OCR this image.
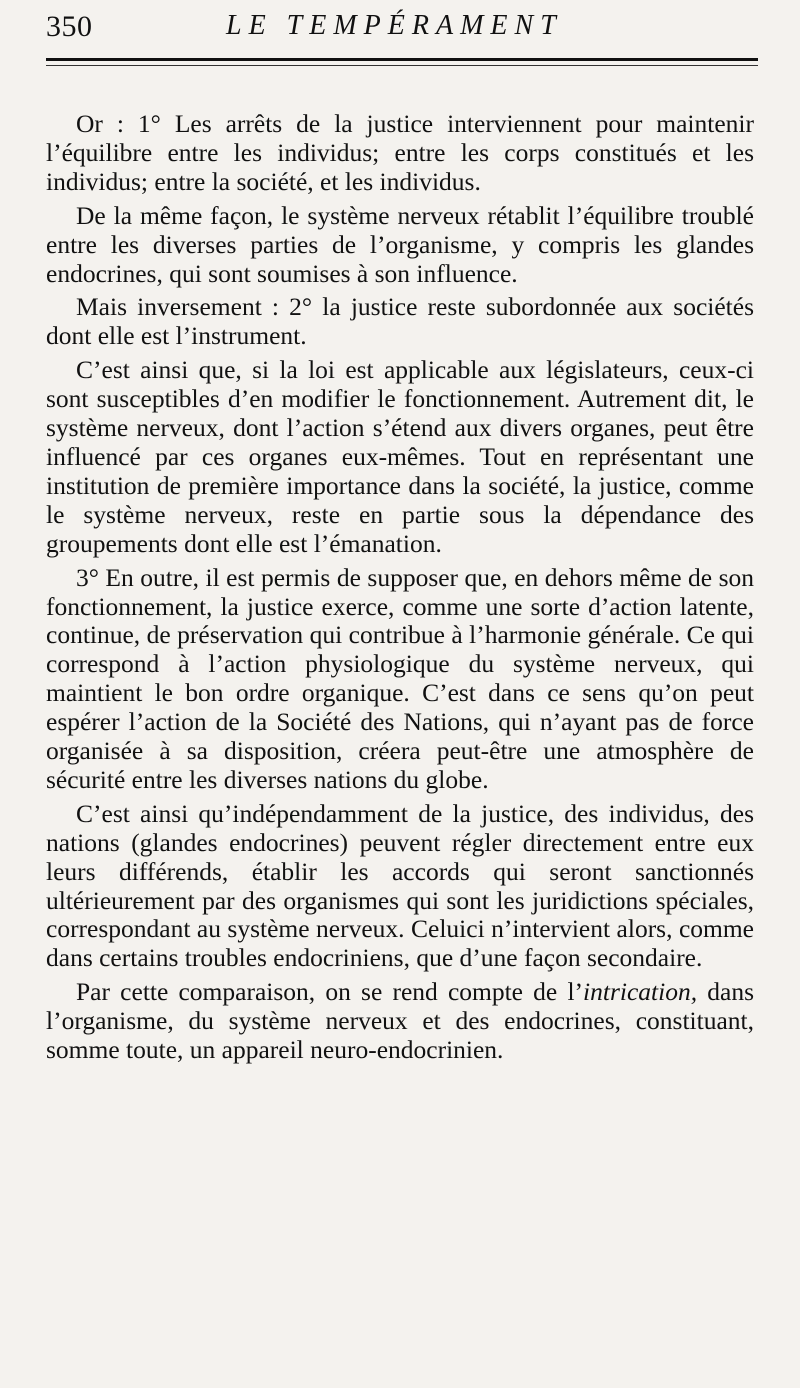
350	LE TEMPÉRAMENT

Or : 1° Les arrêts de la justice interviennent pour maintenir l’équilibre entre les individus; entre les corps constitués et les individus; entre la société, et les individus.

De la même façon, le système nerveux rétablit l’équilibre troublé entre les diverses parties de l’organisme, y compris les glandes endocrines, qui sont soumises à son influence.

Mais inversement : 2° la justice reste subordonnée aux sociétés dont elle est l’instrument.

C’est ainsi que, si la loi est applicable aux législateurs, ceux-ci sont susceptibles d’en modifier le fonctionnement. Autrement dit, le système nerveux, dont l’action s’étend aux divers organes, peut être influencé par ces organes eux-mêmes. Tout en représentant une institution de première importance dans la société, la justice, comme le système nerveux, reste en partie sous la dépendance des groupements dont elle est l’émanation.

3° En outre, il est permis de supposer que, en dehors même de son fonctionnement, la justice exerce, comme une sorte d’action latente, continue, de préservation qui contribue à l’harmonie générale. Ce qui correspond à l’action physiologique du système nerveux, qui maintient le bon ordre organique. C’est dans ce sens qu’on peut espérer l’action de la Société des Nations, qui n’ayant pas de force organisée à sa disposition, créera peut-être une atmosphère de sécurité entre les diverses nations du globe.

C’est ainsi qu’indépendamment de la justice, des individus, des nations (glandes endocrines) peuvent régler directement entre eux leurs différends, établir les accords qui seront sanctionnés ultérieurement par des organismes qui sont les juridictions spéciales, correspondant au système nerveux. Celuici n’intervient alors, comme dans certains troubles endocriniens, que d’une façon secondaire.

Par cette comparaison, on se rend compte de l’intrication, dans l’organisme, du système nerveux et des endocrines, constituant, somme toute, un appareil neuro-endocrinien.
